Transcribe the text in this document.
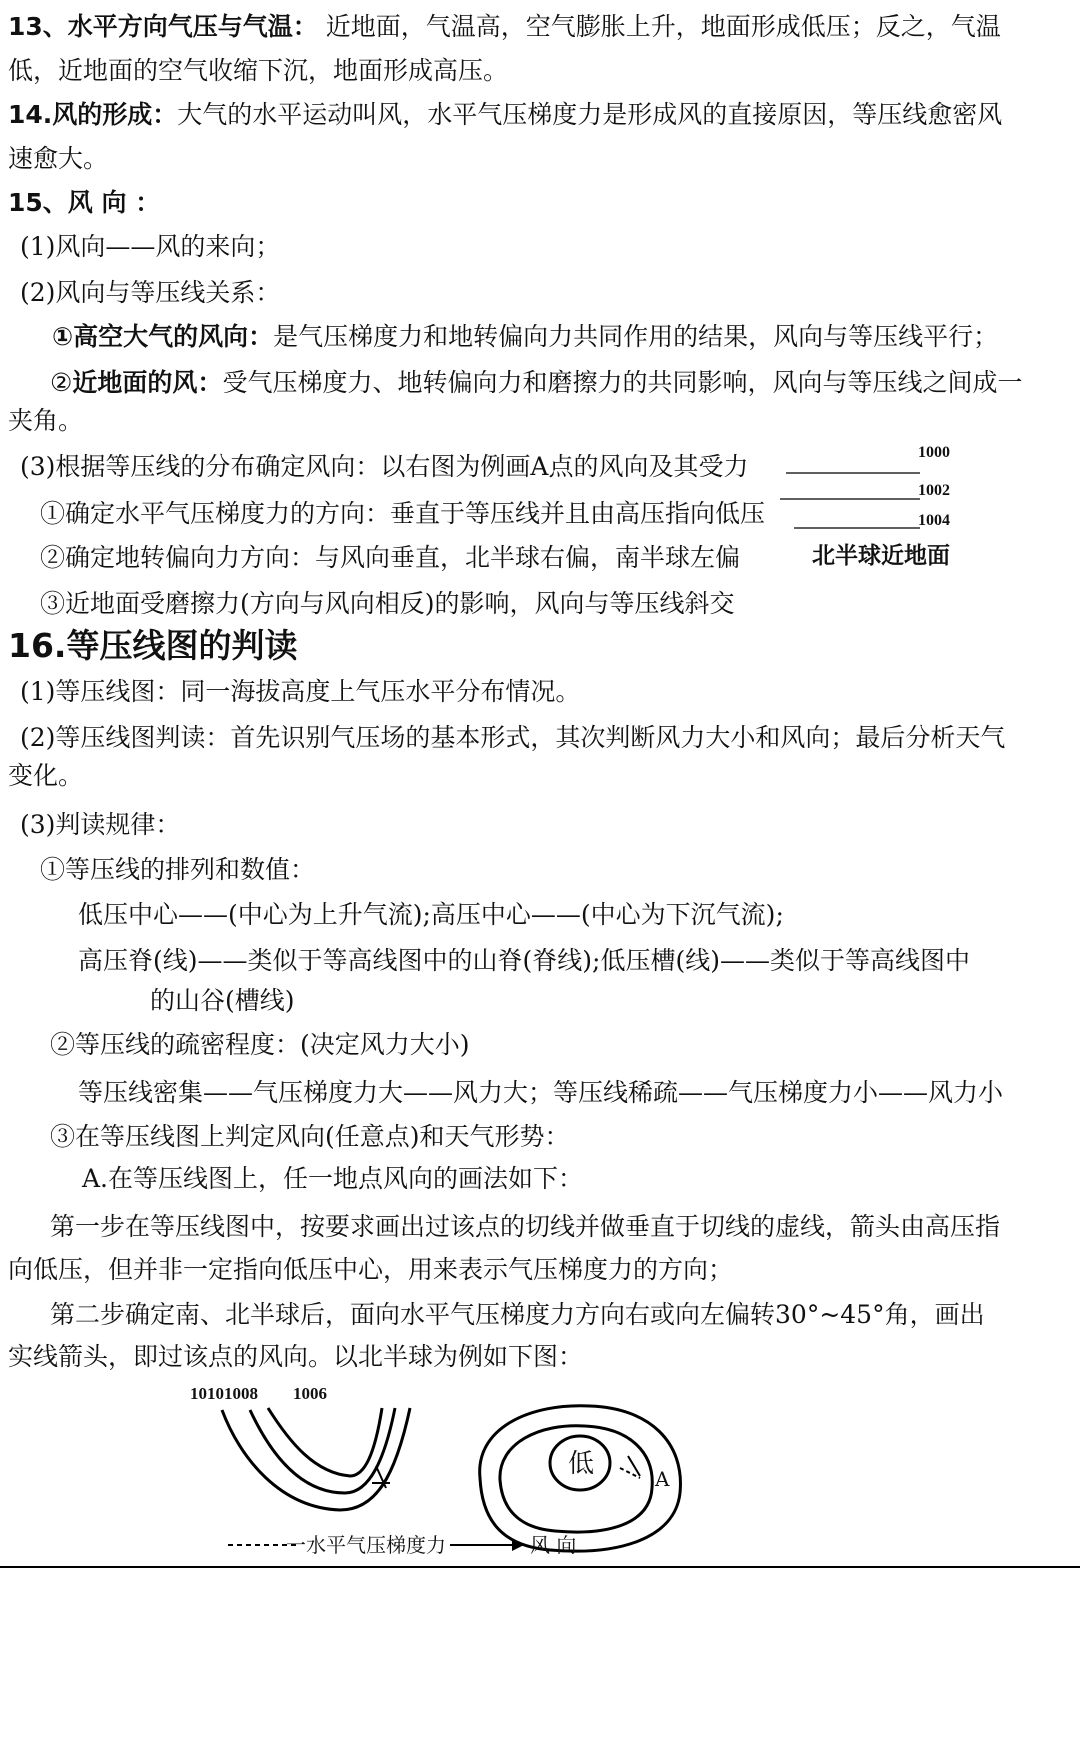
13、水平方向气压与气温： 近地面，气温高，空气膨胀上升，地面形成低压；反之，气温
低，近地面的空气收缩下沉，地面形成高压。
14.风的形成：大气的水平运动叫风，水平气压梯度力是形成风的直接原因，等压线愈密风
速愈大。
15、风 向 ：
(1)风向——风的来向；
(2)风向与等压线关系：
①高空大气的风向：是气压梯度力和地转偏向力共同作用的结果，风向与等压线平行；
②近地面的风：受气压梯度力、地转偏向力和磨擦力的共同影响，风向与等压线之间成一
夹角。
(3)根据等压线的分布确定风向：以右图为例画A点的风向及其受力
①确定水平气压梯度力的方向：垂直于等压线并且由高压指向低压
②确定地转偏向力方向：与风向垂直，北半球右偏，南半球左偏
③近地面受磨擦力(方向与风向相反)的影响，风向与等压线斜交
1000
1002
1004
北半球近地面
16.等压线图的判读
(1)等压线图：同一海拔高度上气压水平分布情况。
(2)等压线图判读：首先识别气压场的基本形式，其次判断风力大小和风向；最后分析天气
变化。
(3)判读规律：
①等压线的排列和数值：
低压中心——(中心为上升气流);高压中心——(中心为下沉气流);
高压脊(线)——类似于等高线图中的山脊(脊线);低压槽(线)——类似于等高线图中
的山谷(槽线)
②等压线的疏密程度：(决定风力大小)
等压线密集——气压梯度力大——风力大；等压线稀疏——气压梯度力小——风力小
③在等压线图上判定风向(任意点)和天气形势：
A.在等压线图上，任一地点风向的画法如下：
第一步在等压线图中，按要求画出过该点的切线并做垂直于切线的虚线，箭头由高压指
向低压，但并非一定指向低压中心，用来表示气压梯度力的方向；
第二步确定南、北半球后，面向水平气压梯度力方向右或向左偏转30°~45°角，画出
实线箭头，即过该点的风向。以北半球为例如下图：
10101008 1006
低	A
一水平气压梯度力	风 向
